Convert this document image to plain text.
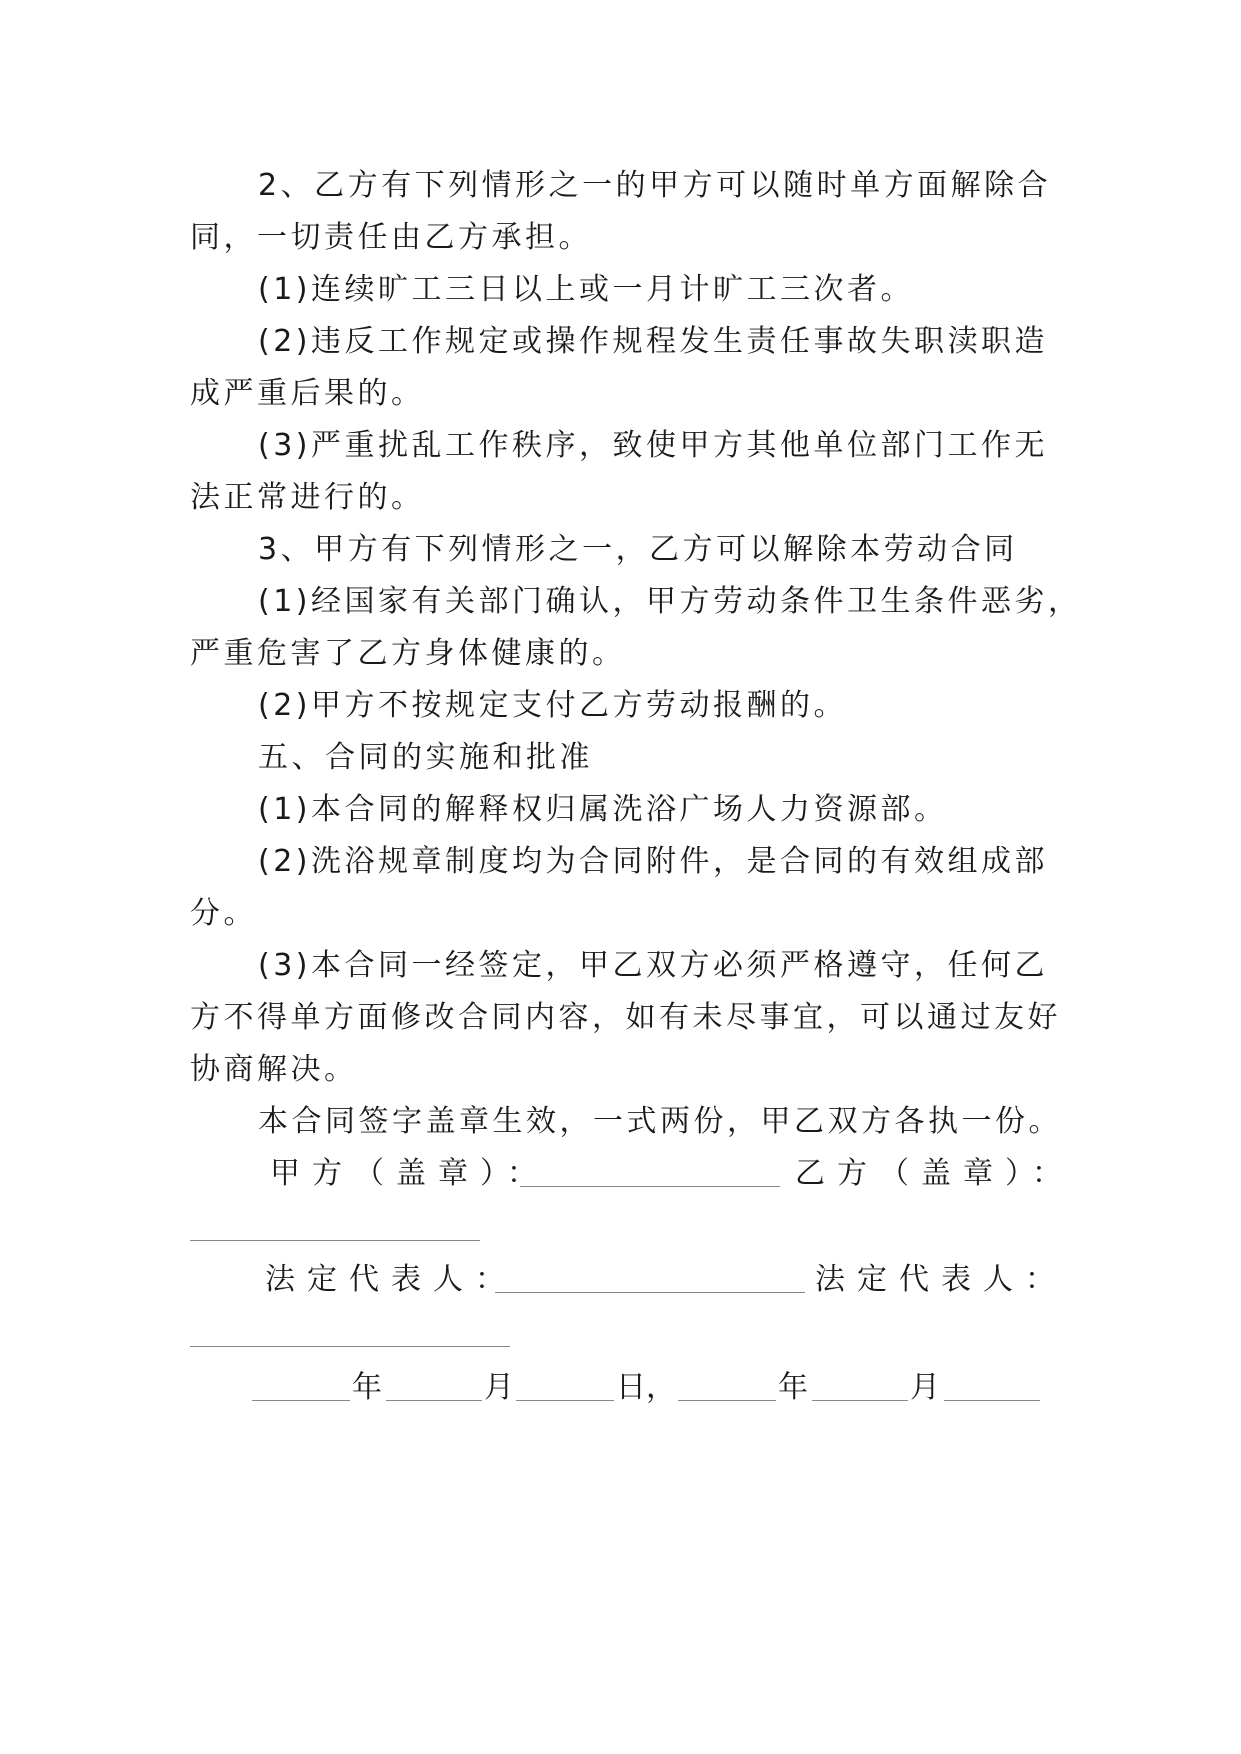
2、乙方有下列情形之一的甲方可以随时单方面解除合
同，一切责任由乙方承担。
(1)连续旷工三日以上或一月计旷工三次者。
(2)违反工作规定或操作规程发生责任事故失职渎职造
成严重后果的。
(3)严重扰乱工作秩序，致使甲方其他单位部门工作无
法正常进行的。
3、甲方有下列情形之一，乙方可以解除本劳动合同
(1)经国家有关部门确认，甲方劳动条件卫生条件恶劣，
严重危害了乙方身体健康的。
(2)甲方不按规定支付乙方劳动报酬的。
五、合同的实施和批准
(1)本合同的解释权归属洗浴广场人力资源部。
(2)洗浴规章制度均为合同附件，是合同的有效组成部
分。
(3)本合同一经签定，甲乙双方必须严格遵守，任何乙
方不得单方面修改合同内容，如有未尽事宜，可以通过友好
协商解决。
本合同签字盖章生效，一式两份，甲乙双方各执一份。
甲方（盖章）：	乙方（盖章）：
法定代表人：	法定代表人：
年	月	日，	年	月
